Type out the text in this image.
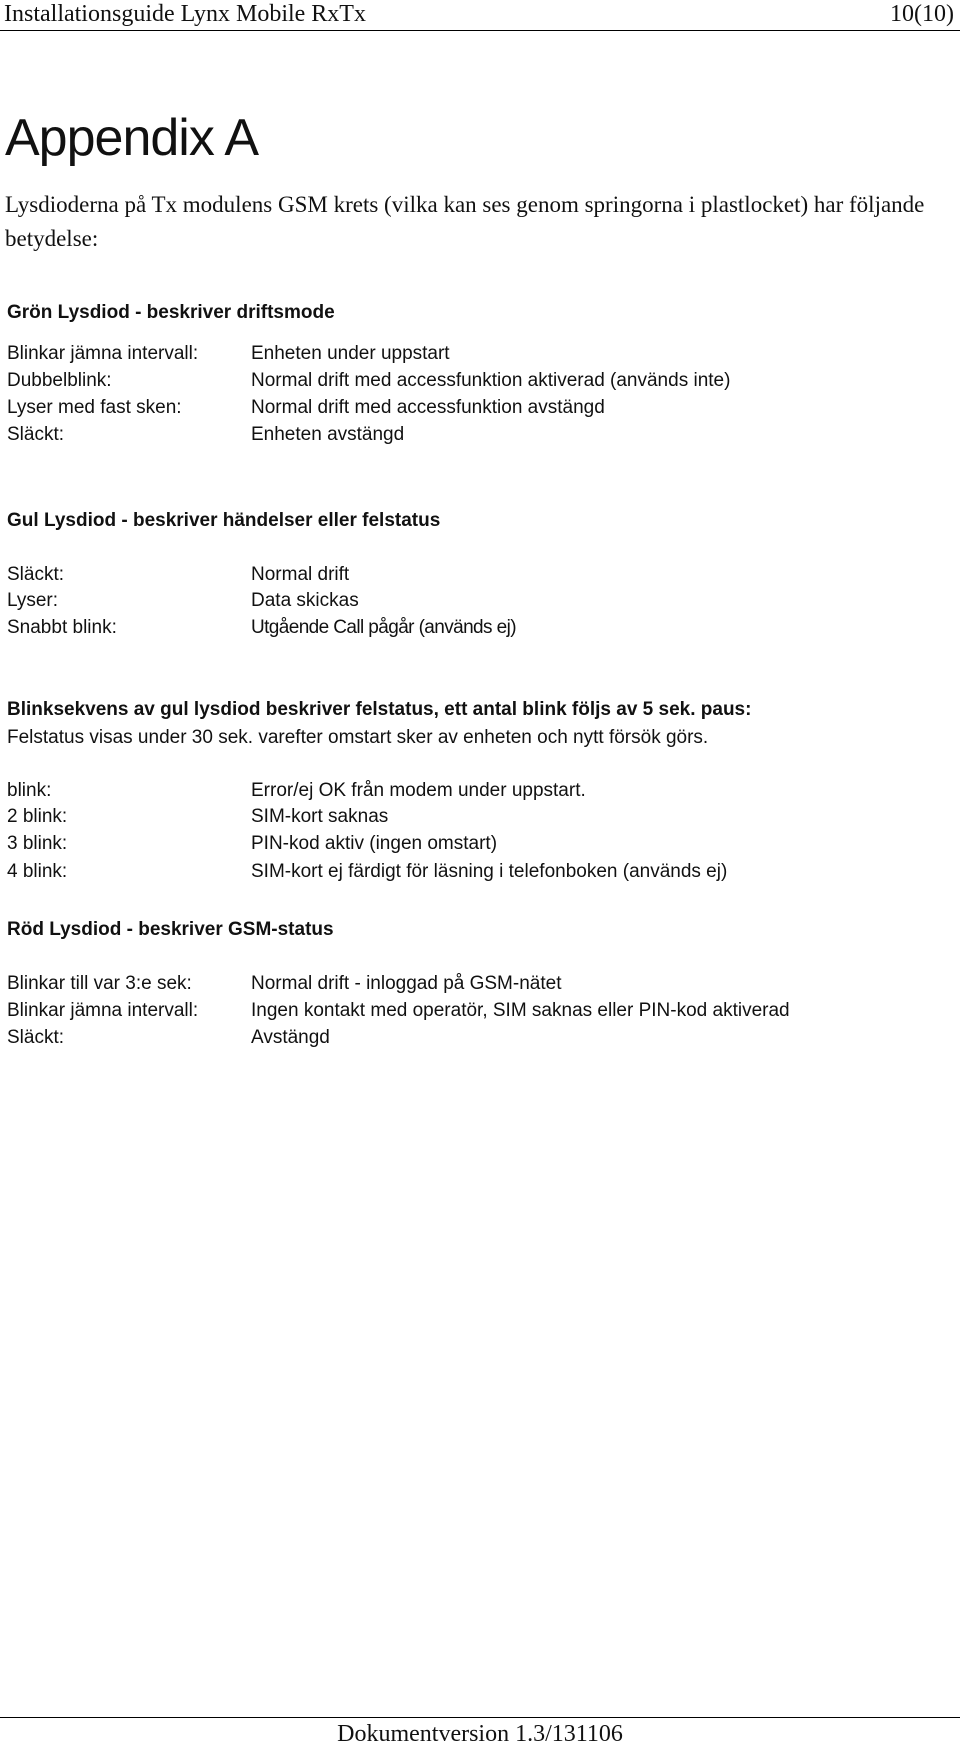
Installationsguide Lynx Mobile RxTx	10(10)
Appendix A
Lysdioderna på Tx modulens GSM krets (vilka kan ses genom springorna i plastlocket) har följande betydelse:
Grön Lysdiod - beskriver driftsmode
Blinkar jämna intervall:	Enheten under uppstart
Dubbelblink:	Normal drift med accessfunktion aktiverad (används inte)
Lyser med fast sken:	Normal drift med accessfunktion avstängd
Släckt:	Enheten avstängd
Gul Lysdiod - beskriver händelser eller felstatus
Släckt:	Normal drift
Lyser:	Data skickas
Snabbt blink:	Utgående Call pågår (används ej)
Blinksekvens av gul lysdiod beskriver felstatus, ett antal blink följs av 5 sek. paus:
Felstatus visas under 30 sek. varefter omstart sker av enheten och nytt försök görs.
blink:	Error/ej OK från modem under uppstart.
2 blink:	SIM-kort saknas
3 blink:	PIN-kod aktiv (ingen omstart)
4 blink:	SIM-kort ej färdigt för läsning i telefonboken (används ej)
Röd Lysdiod - beskriver GSM-status
Blinkar till var 3:e sek:	Normal drift - inloggad på GSM-nätet
Blinkar jämna intervall:	Ingen kontakt med operatör, SIM saknas eller PIN-kod aktiverad
Släckt:	Avstängd
Dokumentversion 1.3/131106
